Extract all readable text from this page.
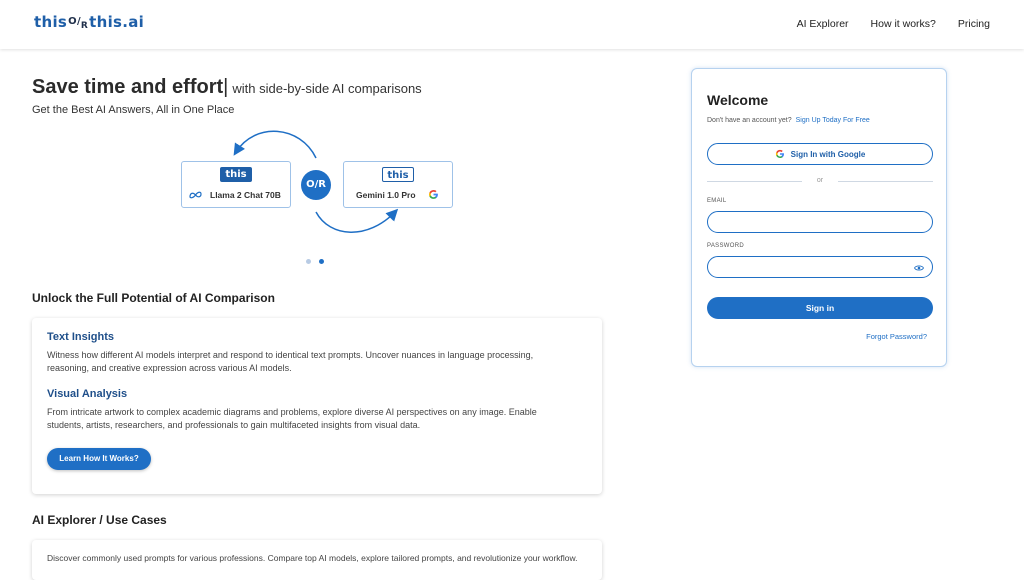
this$^{O/_R}$this.ai	AI Explorer How it works? Pricing
Save time and effort| with side-by-side AI comparisons

Get the Best AI Answers, All in One Place

this
Llama 2 Chat 70B
O/R
this
Gemini 1.0 Pro
Unlock the Full Potential of AI Comparison
Text Insights

Witness how different AI models interpret and respond to identical text prompts. Uncover nuances in language processing, reasoning, and creative expression across various AI models.

Visual Analysis

From intricate artwork to complex academic diagrams and problems, explore diverse AI perspectives on any image. Enable students, artists, researchers, and professionals to gain multifaceted insights from visual data.

Learn How It Works?
AI Explorer / Use Cases

Discover commonly used prompts for various professions. Compare top AI models, explore tailored prompts, and revolutionize your workflow.

Welcome
Don't have an account yet? Sign Up Today For Free
Sign In with Google
or
EMAIL
PASSWORD
Sign in
Forgot Password?
